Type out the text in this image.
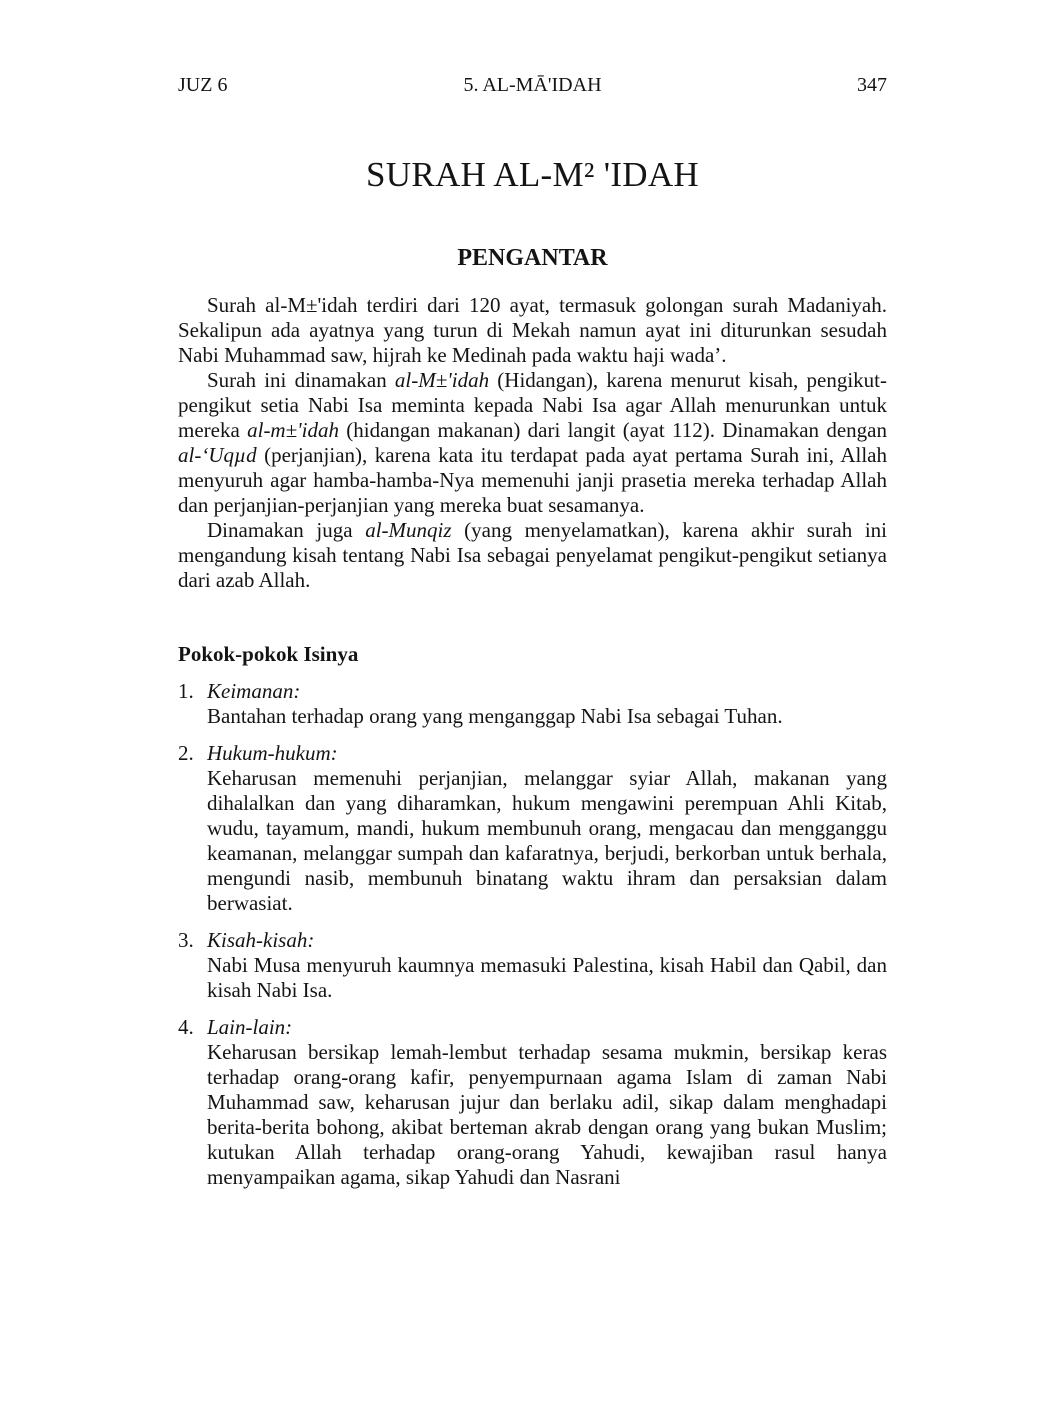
JUZ 6	5. AL-MĀ'IDAH	347
SURAH AL-M² 'IDAH
PENGANTAR

Surah al-M±'idah terdiri dari 120 ayat, termasuk golongan surah Madaniyah. Sekalipun ada ayatnya yang turun di Mekah namun ayat ini diturunkan sesudah Nabi Muhammad saw, hijrah ke Medinah pada waktu haji wada’.

Surah ini dinamakan al-M±'idah (Hidangan), karena menurut kisah, pengikut-pengikut setia Nabi Isa meminta kepada Nabi Isa agar Allah menurunkan untuk mereka al-m±'idah (hidangan makanan) dari langit (ayat 112). Dinamakan dengan al-‘Uqµd (perjanjian), karena kata itu terdapat pada ayat pertama Surah ini, Allah menyuruh agar hamba-hamba-Nya memenuhi janji prasetia mereka terhadap Allah dan perjanjian-perjanjian yang mereka buat sesamanya.

Dinamakan juga al-Munqiz (yang menyelamatkan), karena akhir surah ini mengandung kisah tentang Nabi Isa sebagai penyelamat pengikut-pengikut setianya dari azab Allah.

Pokok-pokok Isinya
1. Keimanan:
Bantahan terhadap orang yang menganggap Nabi Isa sebagai Tuhan.
2. Hukum-hukum:
Keharusan memenuhi perjanjian, melanggar syiar Allah, makanan yang dihalalkan dan yang diharamkan, hukum mengawini perempuan Ahli Kitab, wudu, tayamum, mandi, hukum membunuh orang, mengacau dan mengganggu keamanan, melanggar sumpah dan kafaratnya, berjudi, berkorban untuk berhala, mengundi nasib, membunuh binatang waktu ihram dan persaksian dalam berwasiat.
3. Kisah-kisah:
Nabi Musa menyuruh kaumnya memasuki Palestina, kisah Habil dan Qabil, dan kisah Nabi Isa.
4. Lain-lain:
Keharusan bersikap lemah-lembut terhadap sesama mukmin, bersikap keras terhadap orang-orang kafir, penyempurnaan agama Islam di zaman Nabi Muhammad saw, keharusan jujur dan berlaku adil, sikap dalam menghadapi berita-berita bohong, akibat berteman akrab dengan orang yang bukan Muslim; kutukan Allah terhadap orang-orang Yahudi, kewajiban rasul hanya menyampaikan agama, sikap Yahudi dan Nasrani
